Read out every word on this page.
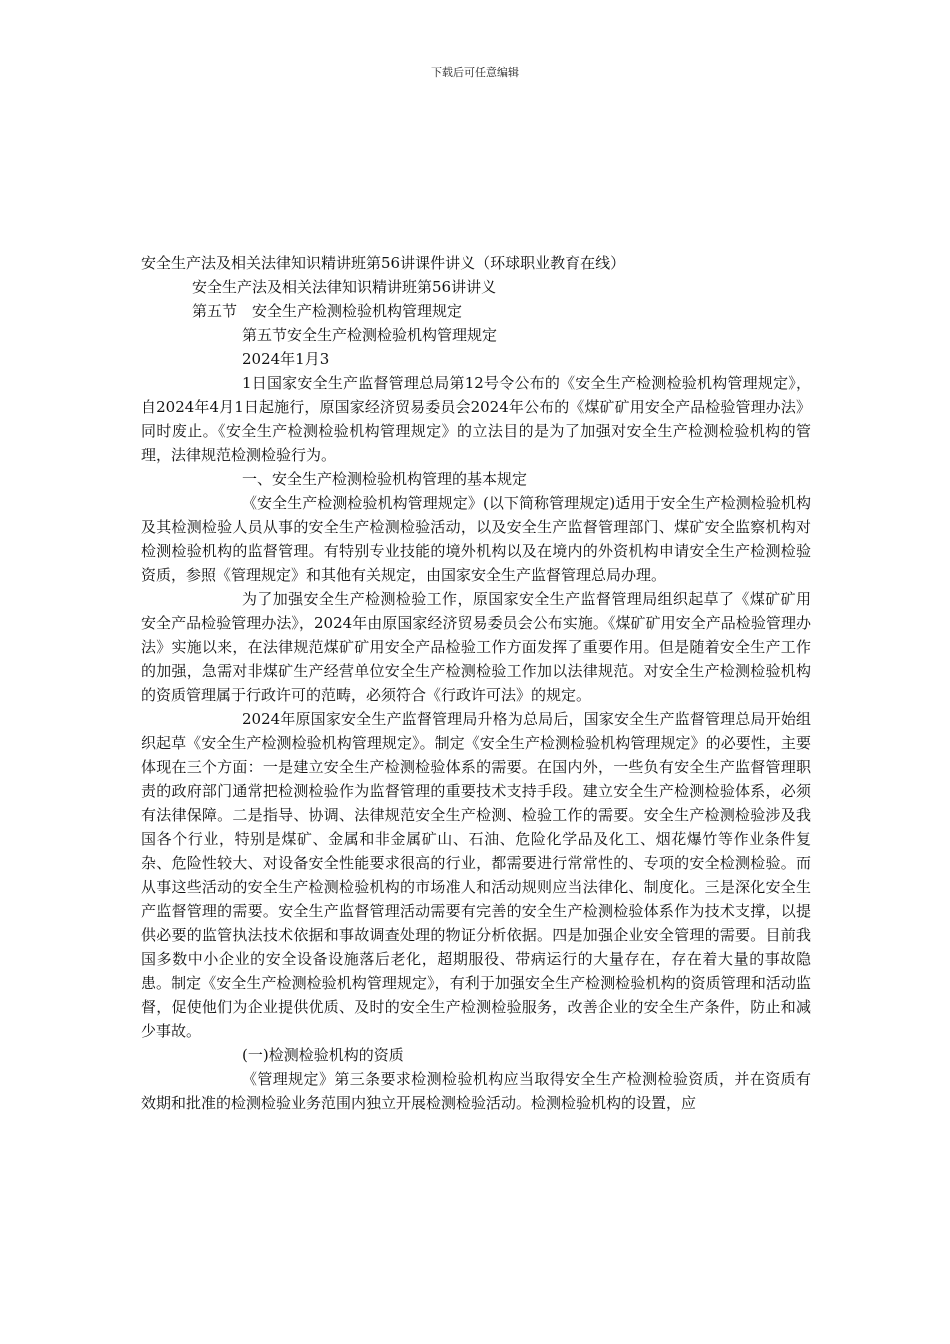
下载后可任意编辑
安全生产法及相关法律知识精讲班第56讲课件讲义（环球职业教育在线）
安全生产法及相关法律知识精讲班第56讲讲义
第五节　安全生产检测检验机构管理规定
第五节安全生产检测检验机构管理规定
2024年1月3
1日国家安全生产监督管理总局第12号令公布的《安全生产检测检验机构管理规定》，自2024年4月1日起施行，原国家经济贸易委员会2024年公布的《煤矿矿用安全产品检验管理办法》同时废止。《安全生产检测检验机构管理规定》的立法目的是为了加强对安全生产检测检验机构的管理，法律规范检测检验行为。
一、安全生产检测检验机构管理的基本规定
《安全生产检测检验机构管理规定》(以下简称管理规定)适用于安全生产检测检验机构及其检测检验人员从事的安全生产检测检验活动，以及安全生产监督管理部门、煤矿安全监察机构对检测检验机构的监督管理。有特别专业技能的境外机构以及在境内的外资机构申请安全生产检测检验资质，参照《管理规定》和其他有关规定，由国家安全生产监督管理总局办理。
为了加强安全生产检测检验工作，原国家安全生产监督管理局组织起草了《煤矿矿用安全产品检验管理办法》，2024年由原国家经济贸易委员会公布实施。《煤矿矿用安全产品检验管理办法》实施以来，在法律规范煤矿矿用安全产品检验工作方面发挥了重要作用。但是随着安全生产工作的加强，急需对非煤矿生产经营单位安全生产检测检验工作加以法律规范。对安全生产检测检验机构的资质管理属于行政许可的范畴，必须符合《行政许可法》的规定。
2024年原国家安全生产监督管理局升格为总局后，国家安全生产监督管理总局开始组织起草《安全生产检测检验机构管理规定》。制定《安全生产检测检验机构管理规定》的必要性，主要体现在三个方面：一是建立安全生产检测检验体系的需要。在国内外，一些负有安全生产监督管理职责的政府部门通常把检测检验作为监督管理的重要技术支持手段。建立安全生产检测检验体系，必须有法律保障。二是指导、协调、法律规范安全生产检测、检验工作的需要。安全生产检测检验涉及我国各个行业，特别是煤矿、金属和非金属矿山、石油、危险化学品及化工、烟花爆竹等作业条件复杂、危险性较大、对设备安全性能要求很高的行业，都需要进行常常性的、专项的安全检测检验。而从事这些活动的安全生产检测检验机构的市场准人和活动规则应当法律化、制度化。三是深化安全生产监督管理的需要。安全生产监督管理活动需要有完善的安全生产检测检验体系作为技术支撑，以提供必要的监管执法技术依据和事故调查处理的物证分析依据。四是加强企业安全管理的需要。目前我国多数中小企业的安全设备设施落后老化，超期服役、带病运行的大量存在，存在着大量的事故隐患。制定《安全生产检测检验机构管理规定》，有利于加强安全生产检测检验机构的资质管理和活动监督，促使他们为企业提供优质、及时的安全生产检测检验服务，改善企业的安全生产条件，防止和减少事故。
(一)检测检验机构的资质
《管理规定》第三条要求检测检验机构应当取得安全生产检测检验资质，并在资质有效期和批准的检测检验业务范围内独立开展检测检验活动。检测检验机构的设置，应
